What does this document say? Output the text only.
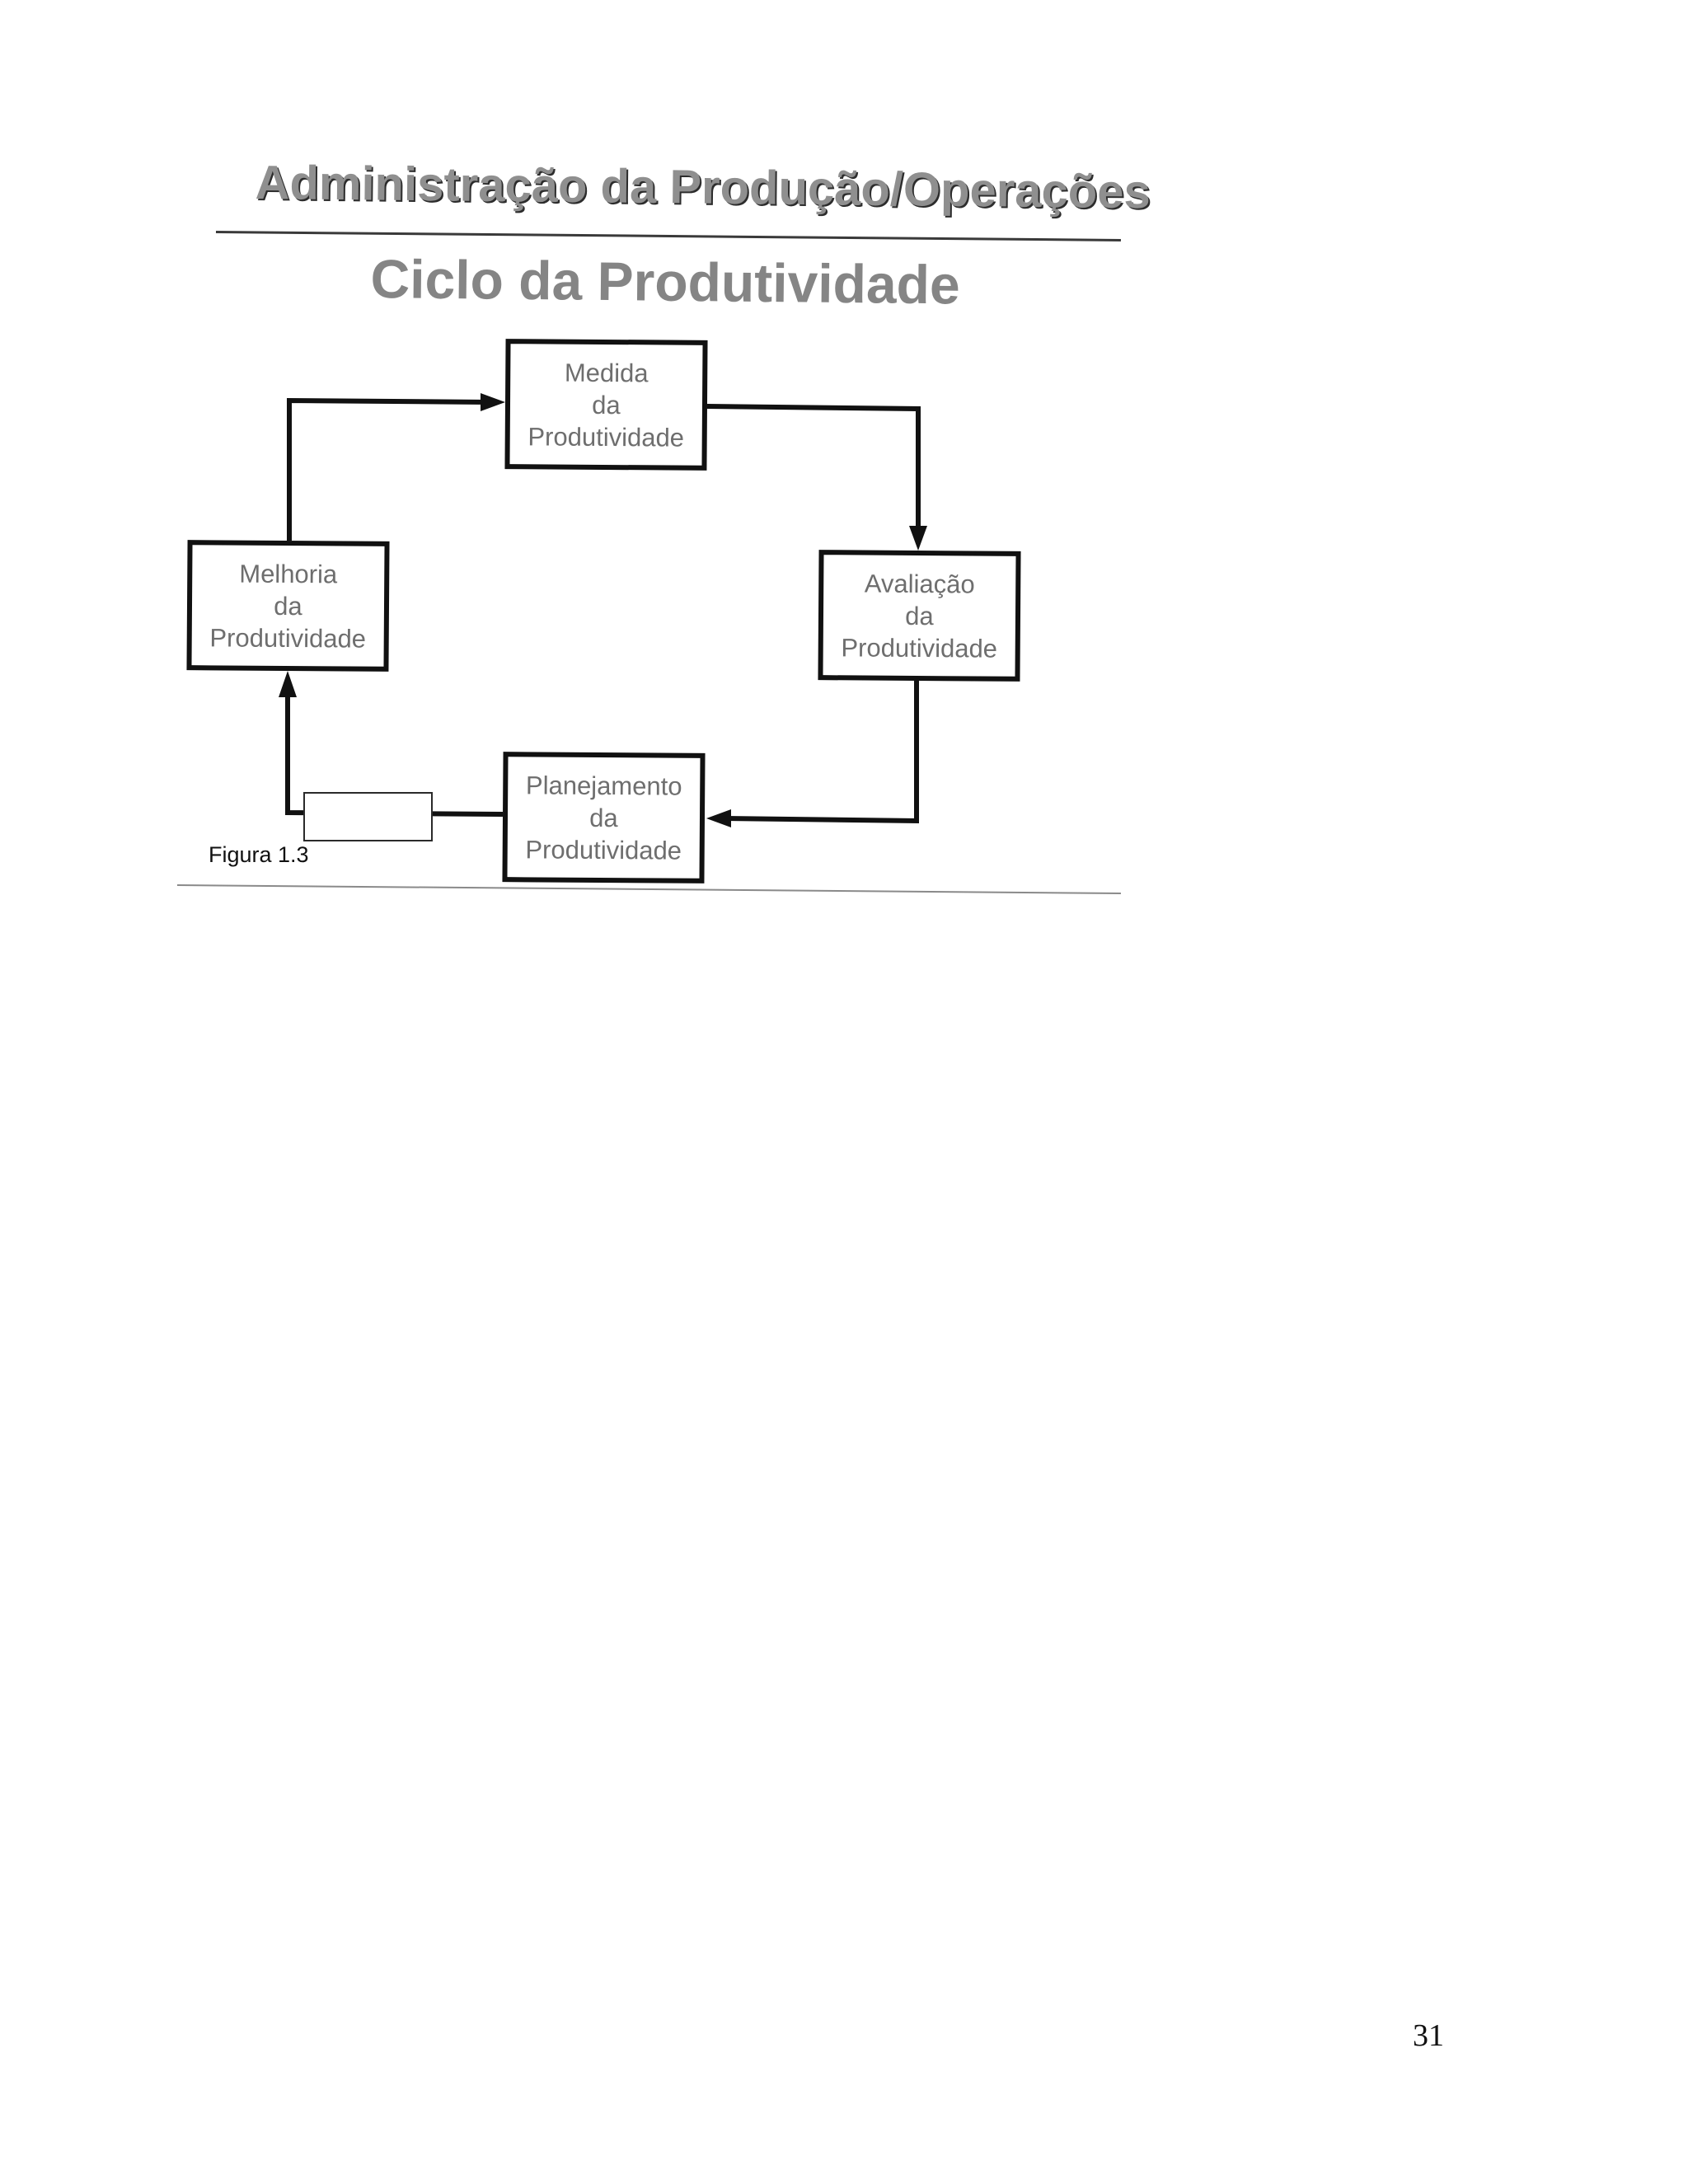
Administração da Produção/Operações
Ciclo da Produtividade
Medida
da
Produtividade
Avaliação
da
Produtividade
Planejamento
da
Produtividade
Melhoria
da
Produtividade
Figura 1.3
31
